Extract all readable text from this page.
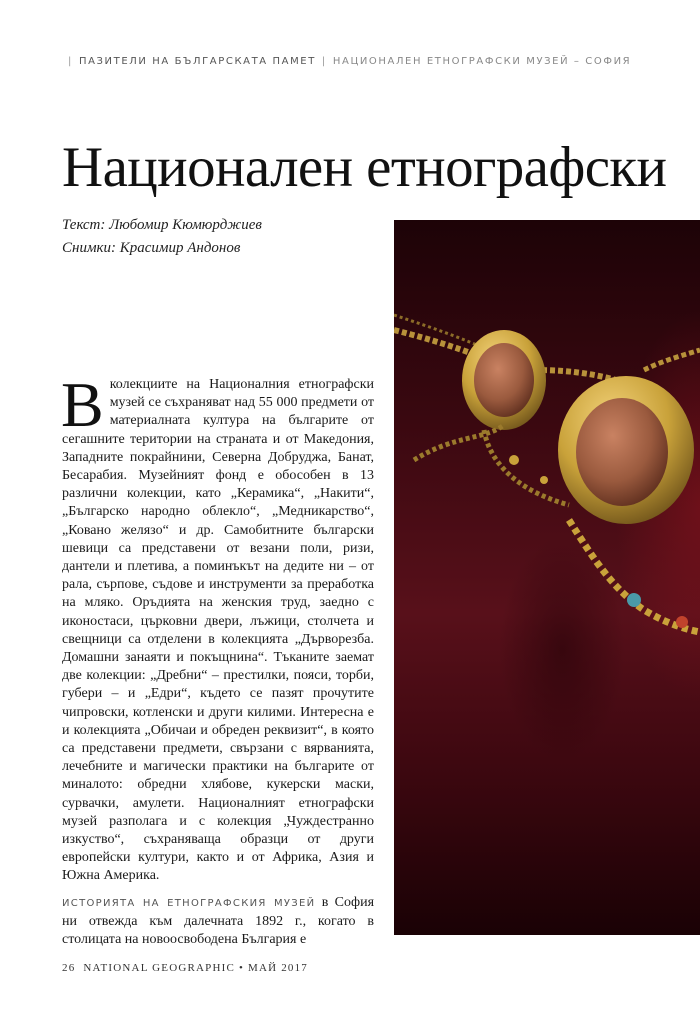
| ПАЗИТЕЛИ НА БЪЛГАРСКАТА ПАМЕТ | НАЦИОНАЛЕН ЕТНОГРАФСКИ МУЗЕЙ – СОФИЯ
Национален етнографски
Текст: Любомир Кюмюрджиев
Снимки: Красимир Андонов

Вколекциите на Националния етнографски музей се съхраняват над 55 000 предмети от материалната култура на българите от сегашните територии на страната и от Македония, Западните покрайнини, Северна Добруджа, Банат, Бесарабия. Музейният фонд е обособен в 13 различни колекции, като „Керамика“, „Накити“, „Българско народно облекло“, „Медникарство“, „Ковано желязо“ и др. Самобитните български шевици са представени от везани поли, ризи, дантели и плетива, а поминъкът на дедите ни – от рала, сърпове, съдове и инструменти за преработка на мляко. Оръдията на женския труд, заедно с иконостаси, църковни двери, лъжици, столчета и свещници са отделени в колекцията „Дърворезба. Домашни занаяти и покъщнина“. Тъканите заемат две колекции: „Дребни“ – престилки, пояси, торби, губери – и „Едри“, където се пазят прочутите чипровски, котленски и други килими. Интересна е и колекцията „Обичаи и обреден реквизит“, в която са представени предмети, свързани с вярванията, лечебните и магически практики на българите от миналото: обредни хлябове, кукерски маски, сурвачки, амулети. Националният етнографски музей разполага и с колекция „Чуждестранно изкуство“, съхраняваща образци от други европейски култури, както и от Африка, Азия и Южна Америка.

ИСТОРИЯТА НА ЕТНОГРАФСКИЯ МУЗЕЙ в София ни отвежда към далечната 1892 г., когато в столицата на новоосвободена България е

26 NATIONAL GEOGRAPHIC • МАЙ 2017
